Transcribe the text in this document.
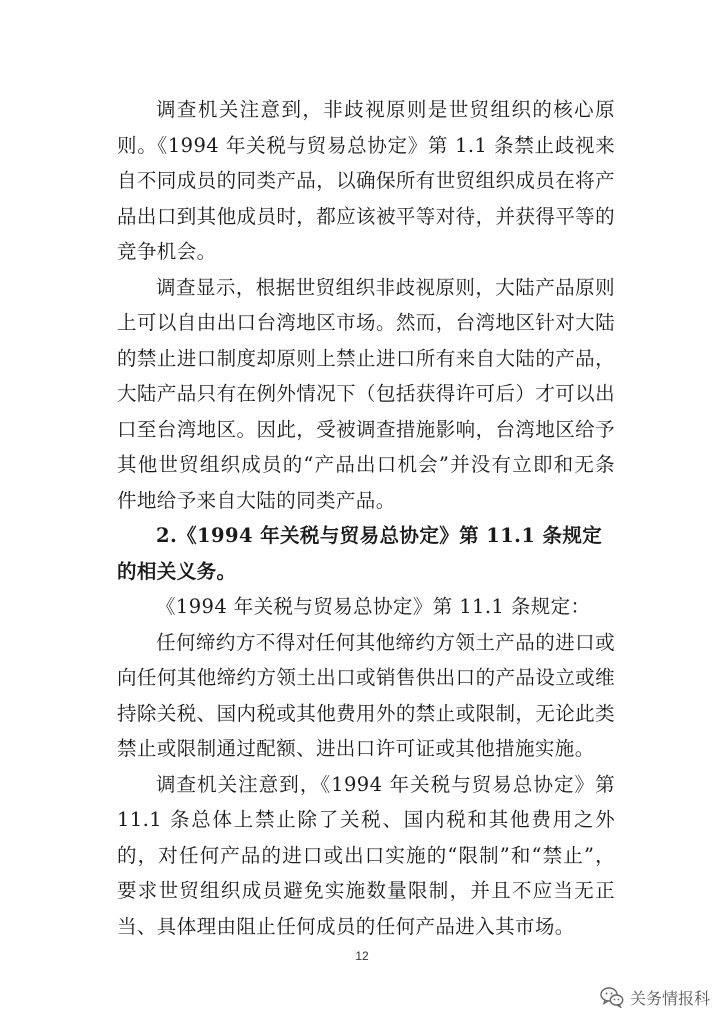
调查机关注意到，非歧视原则是世贸组织的核心原则。《1994 年关税与贸易总协定》第 1.1 条禁止歧视来自不同成员的同类产品，以确保所有世贸组织成员在将产品出口到其他成员时，都应该被平等对待，并获得平等的竞争机会。

调查显示，根据世贸组织非歧视原则，大陆产品原则上可以自由出口台湾地区市场。然而，台湾地区针对大陆的禁止进口制度却原则上禁止进口所有来自大陆的产品，大陆产品只有在例外情况下（包括获得许可后）才可以出口至台湾地区。因此，受被调查措施影响，台湾地区给予其他世贸组织成员的“产品出口机会”并没有立即和无条件地给予来自大陆的同类产品。

2.《1994 年关税与贸易总协定》第 11.1 条规定的相关义务。

《1994 年关税与贸易总协定》第 11.1 条规定：

任何缔约方不得对任何其他缔约方领土产品的进口或向任何其他缔约方领土出口或销售供出口的产品设立或维持除关税、国内税或其他费用外的禁止或限制，无论此类禁止或限制通过配额、进出口许可证或其他措施实施。

调查机关注意到，《1994 年关税与贸易总协定》第 11.1 条总体上禁止除了关税、国内税和其他费用之外的，对任何产品的进口或出口实施的“限制”和“禁止”，要求世贸组织成员避免实施数量限制，并且不应当无正当、具体理由阻止任何成员的任何产品进入其市场。

12
关务情报科
